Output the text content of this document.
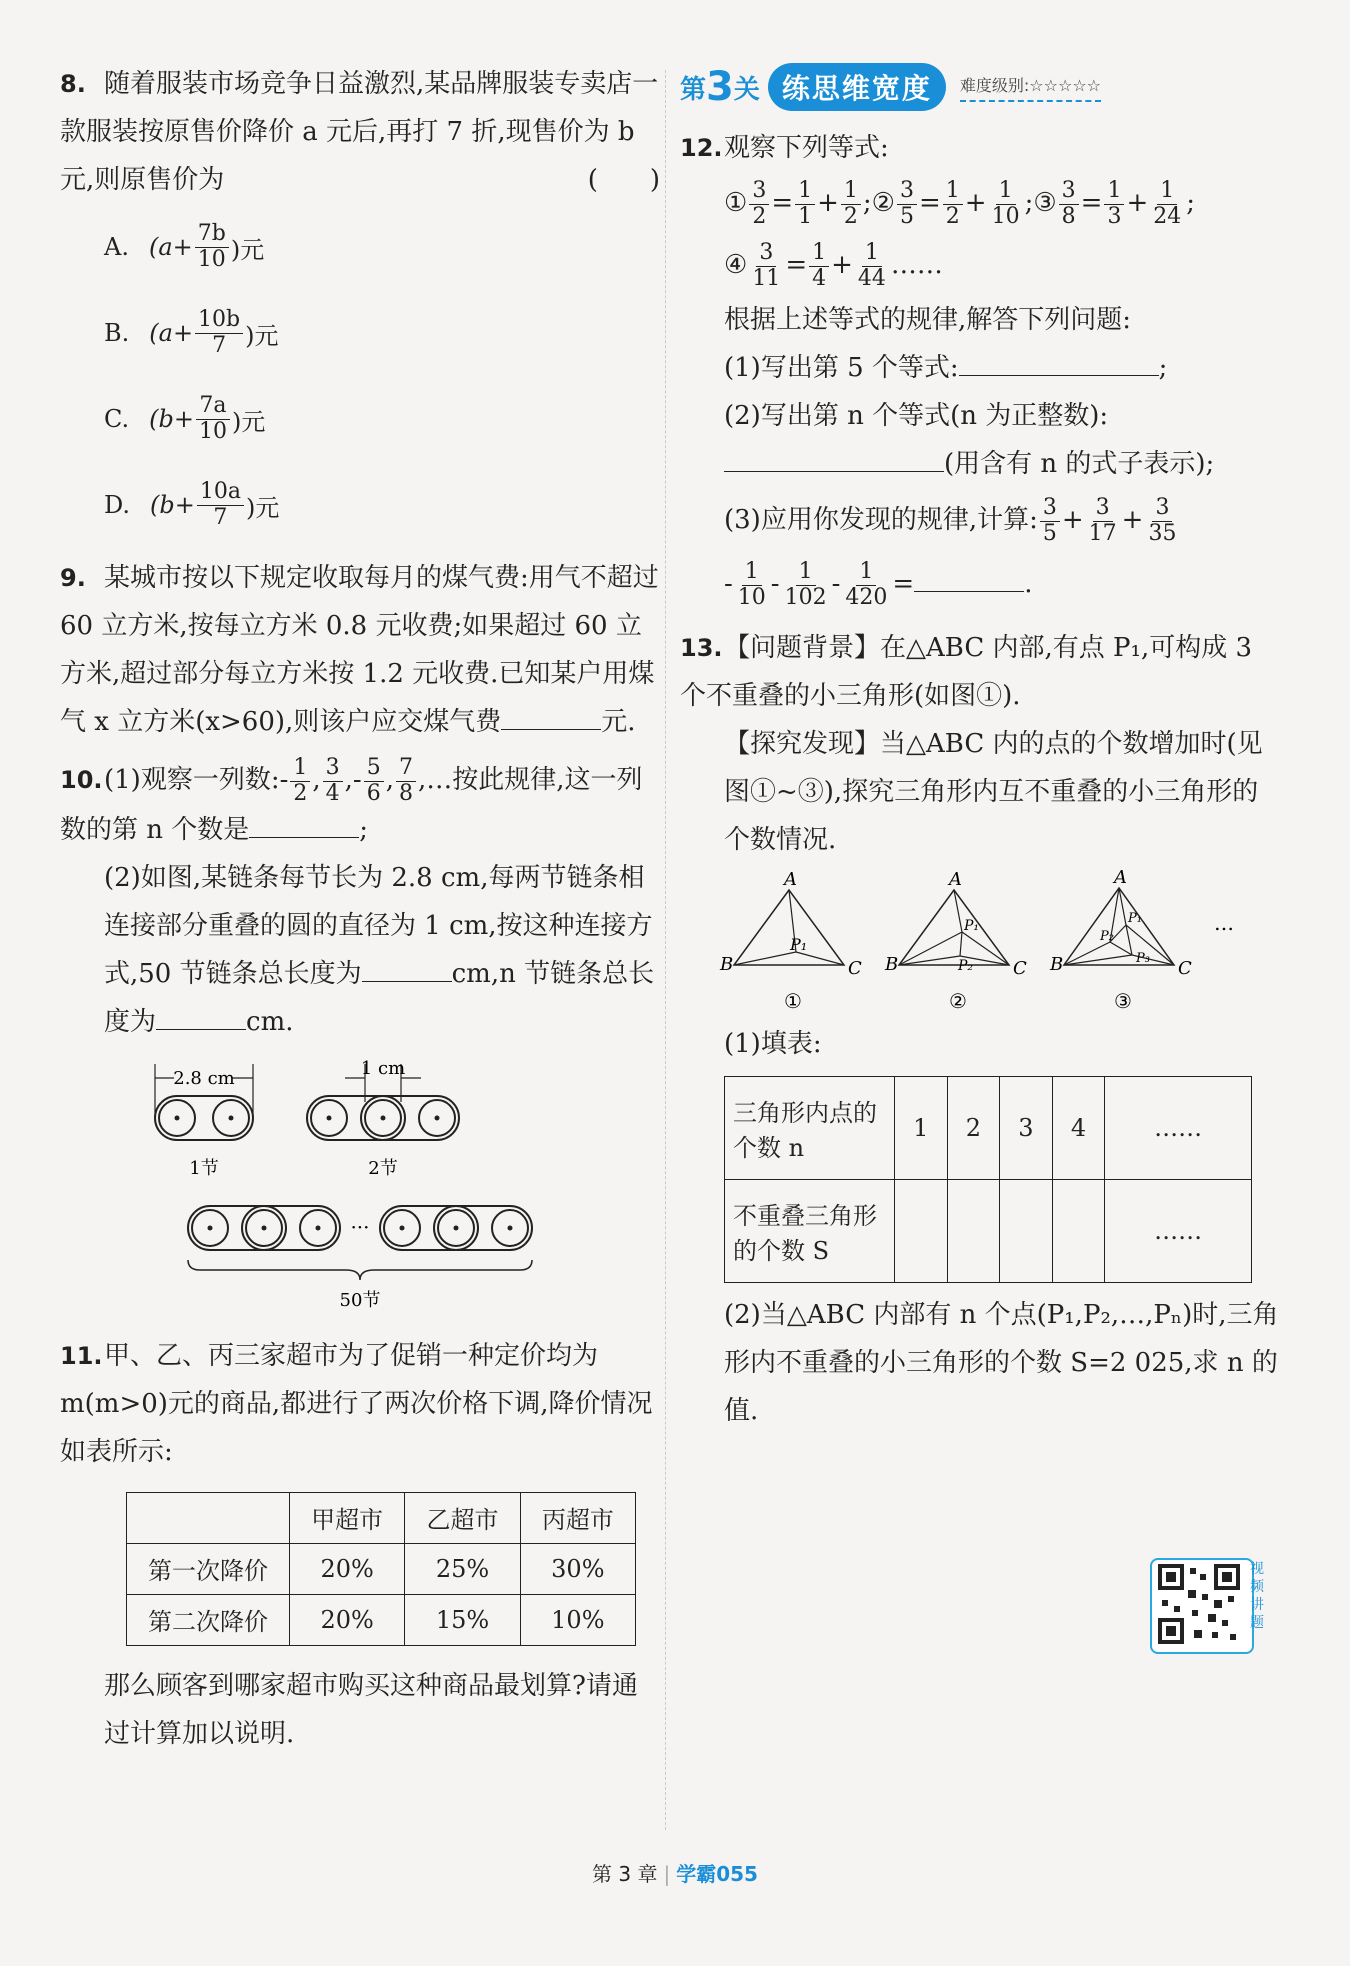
8. 随着服装市场竞争日益激烈,某品牌服装专卖店一款服装按原售价降价 a 元后,再打 7 折,现售价为 b 元,则原售价为	(　　)
A. ($a+ \frac{7b}{10}$ )元
B. ($a+ \frac{10b}{7}$ )元
C. ($b+ \frac{7a}{10}$ )元
D. ($b+ \frac{10a}{7}$ )元
9. 某城市按以下规定收取每月的煤气费:用气不超过 60 立方米,按每立方米 0.8 元收费;如果超过 60 立方米,超过部分每立方米按 1.2 元收费.已知某户用煤气 x 立方米(x>60),则该户应交煤气费	元.
10.(1)观察一列数:- $\frac{1}{2}$ , $\frac{3}{4}$ ,- $\frac{5}{6}$ , $\frac{7}{8}$ ,…按此规律,这一列数的第 n 个数是	;
(2)如图,某链条每节长为 2.8 cm,每两节链条相连接部分重叠的圆的直径为 1 cm,按这种连接方式,50 节链条总长度为	cm,n 节链条总长度为	cm.
2.8 cm
1节
1 cm
2节
···
50节
11.甲、乙、丙三家超市为了促销一种定价均为 m(m>0)元的商品,都进行了两次价格下调,降价情况如表所示:
	甲超市	乙超市	丙超市
第一次降价	20%	25%	30%
第二次降价	20%	15%	10%
那么顾客到哪家超市购买这种商品最划算?请通过计算加以说明.
第 3 关 练思维宽度	难度级别:☆☆☆☆☆
12.观察下列等式:
① $\frac{3}{2} = \frac{1}{1} + \frac{1}{2}$ ;② $\frac{3}{5} = \frac{1}{2} + \frac{1}{10}$ ;③ $\frac{3}{8} = \frac{1}{3} + \frac{1}{24}$ ;
④ $\frac{3}{11} = \frac{1}{4} + \frac{1}{44}$ ……
根据上述等式的规律,解答下列问题:
(1)写出第 5 个等式:	;
(2)写出第 n 个等式(n 为正整数):
(用含有 n 的式子表示);
(3)应用你发现的规律,计算: $\frac{3}{5} + \frac{3}{17} + \frac{3}{35}$

- $\frac{1}{10} - \frac{1}{102} - \frac{1}{420}$ =	.
13.【问题背景】在△ABC 内部,有点 P₁,可构成 3 个不重叠的小三角形(如图①).
【探究发现】当△ABC 内的点的个数增加时(见图①~③),探究三角形内互不重叠的小三角形的个数情况.
A
B	C
P₁
①
A
B	C
P₁
P₂
②
A
B	C
P₁
P₂
P₃
③
…
(1)填表:
三角形内点的个数 n	1	2	3	4	……
不重叠三角形的个数 S					……
(2)当△ABC 内部有 n 个点(P₁,P₂,…,Pₙ)时,三角形内不重叠的小三角形的个数 S=2 025,求 n 的值.
视频讲题
第 3 章 | 学霸055
